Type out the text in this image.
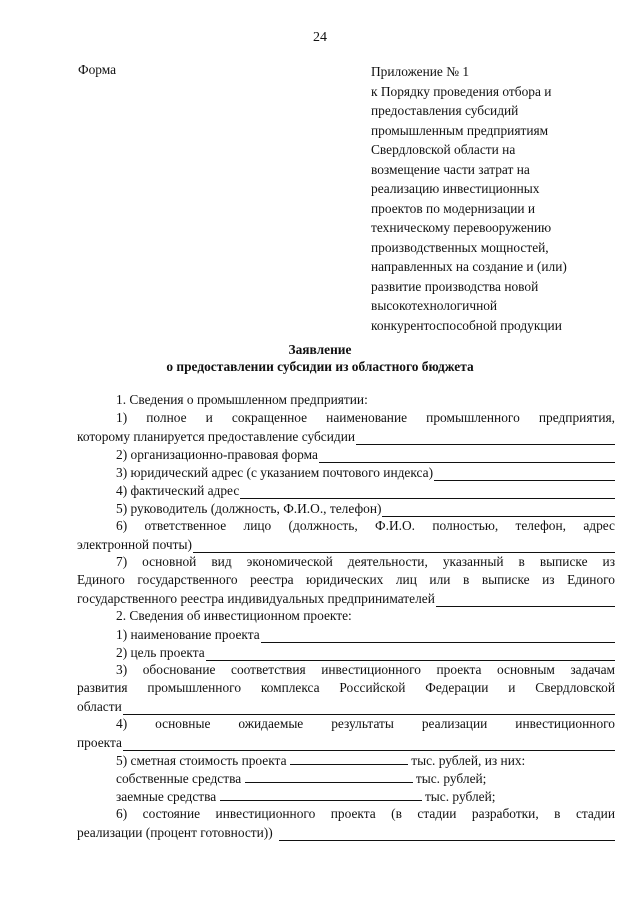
24
Форма	Приложение № 1
к Порядку проведения отбора и
предоставления субсидий
промышленным предприятиям
Свердловской области на
возмещение части затрат на
реализацию инвестиционных
проектов по модернизации и
техническому перевооружению
производственных мощностей,
направленных на создание и (или)
развитие производства новой
высокотехнологичной
конкурентоспособной продукции
Заявление
о предоставлении субсидии из областного бюджета
1. Сведения о промышленном предприятии:
1) полное и сокращенное наименование промышленного предприятия,
которому планируется предоставление субсидии
2) организационно-правовая форма
3) юридический адрес (с указанием почтового индекса)
4) фактический адрес
5) руководитель (должность, Ф.И.О., телефон)
6) ответственное лицо (должность, Ф.И.О. полностью, телефон, адрес
электронной почты)
7) основной вид экономической деятельности, указанный в выписке из
Единого государственного реестра юридических лиц или в выписке из Единого
государственного реестра индивидуальных предпринимателей
2. Сведения об инвестиционном проекте:
1) наименование проекта
2) цель проекта
3) обоснование соответствия инвестиционного проекта основным задачам
развития промышленного комплекса Российской Федерации и Свердловской
области
4) основные ожидаемые результаты реализации инвестиционного
проекта
5) сметная стоимость проекта	тыс. рублей, из них:
собственные средства	тыс. рублей;
заемные средства	тыс. рублей;
6) состояние инвестиционного проекта (в стадии разработки, в стадии
реализации (процент готовности))
